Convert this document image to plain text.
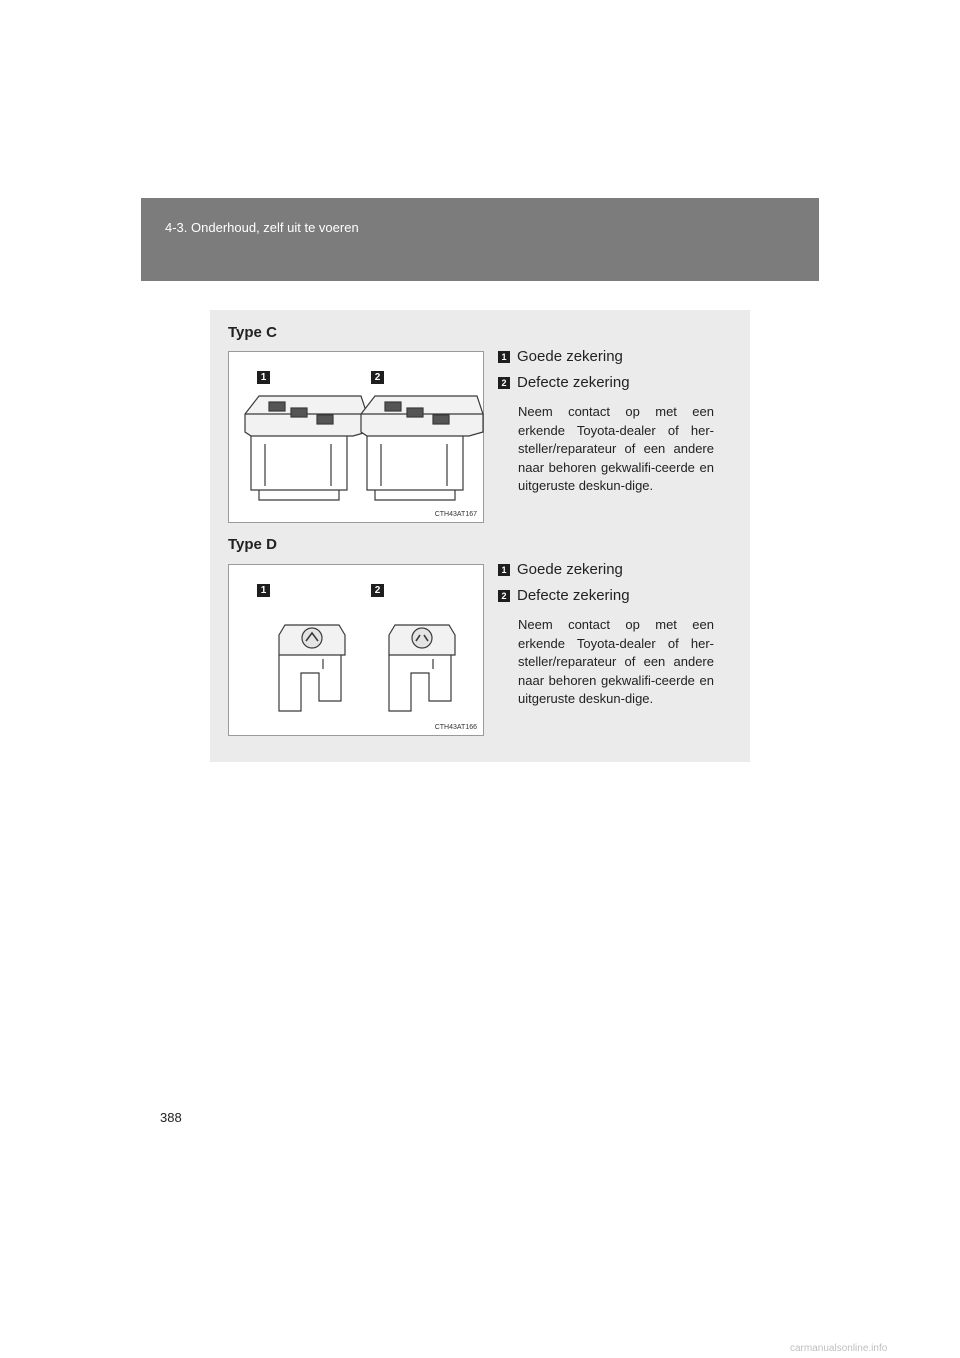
4-3. Onderhoud, zelf uit te voeren
Type C
1	2
CTH43AT167
1 Goede zekering
2 Defecte zekering
Neem contact op met een erkende Toyota-dealer of her-steller/reparateur of een andere naar behoren gekwalifi-ceerde en uitgeruste deskun-dige.
Type D
1	2
CTH43AT166
1 Goede zekering
2 Defecte zekering
Neem contact op met een erkende Toyota-dealer of her-steller/reparateur of een andere naar behoren gekwalifi-ceerde en uitgeruste deskun-dige.
388
carmanualsonline.info
